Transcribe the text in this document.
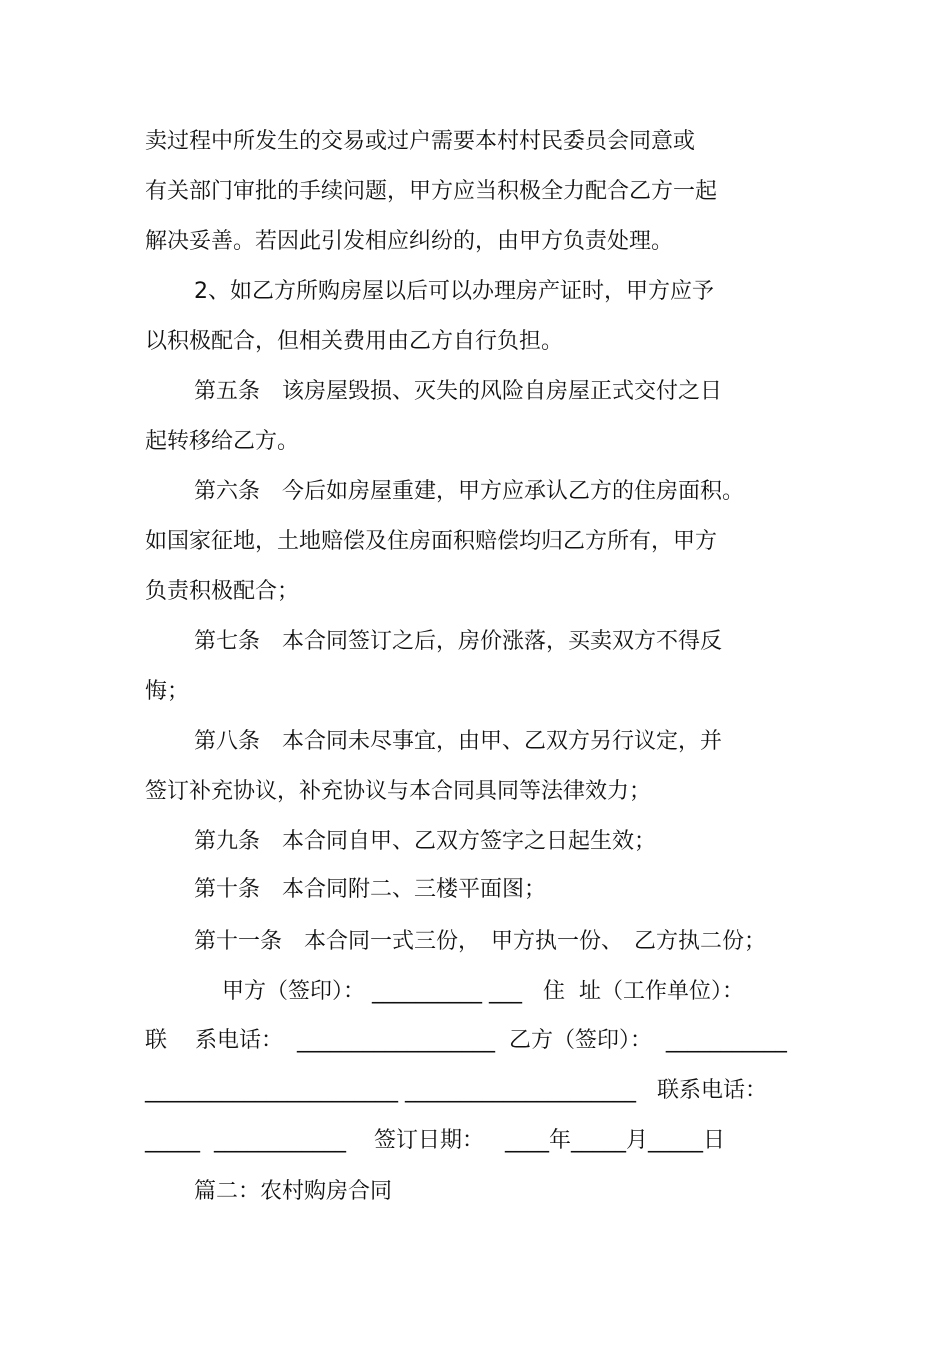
卖过程中所发生的交易或过户需要本村村民委员会同意或
有关部门审批的手续问题，甲方应当积极全力配合乙方一起
解决妥善。若因此引发相应纠纷的，由甲方负责处理。
2、如乙方所购房屋以后可以办理房产证时，甲方应予
以积极配合，但相关费用由乙方自行负担。
第五条　该房屋毁损、灭失的风险自房屋正式交付之日
起转移给乙方。
第六条　今后如房屋重建，甲方应承认乙方的住房面积。
如国家征地，土地赔偿及住房面积赔偿均归乙方所有，甲方
负责积极配合；
第七条　本合同签订之后，房价涨落，买卖双方不得反
悔；
第八条　本合同未尽事宜，由甲、乙双方另行议定，并
签订补充协议，补充协议与本合同具同等法律效力；
第九条　本合同自甲、乙双方签字之日起生效；
第十条　本合同附二、三楼平面图；
第十一条　本合同一式三份，　甲方执一份、　乙方执二份；
甲方（签印）： __________ ___   住  址（工作单位）：
联    系电话：  __________________  乙方（签印）：  ___________
_______________________ _____________________   联系电话：
_____  ____________    签订日期：   ____年_____月_____日
篇二：农村购房合同
